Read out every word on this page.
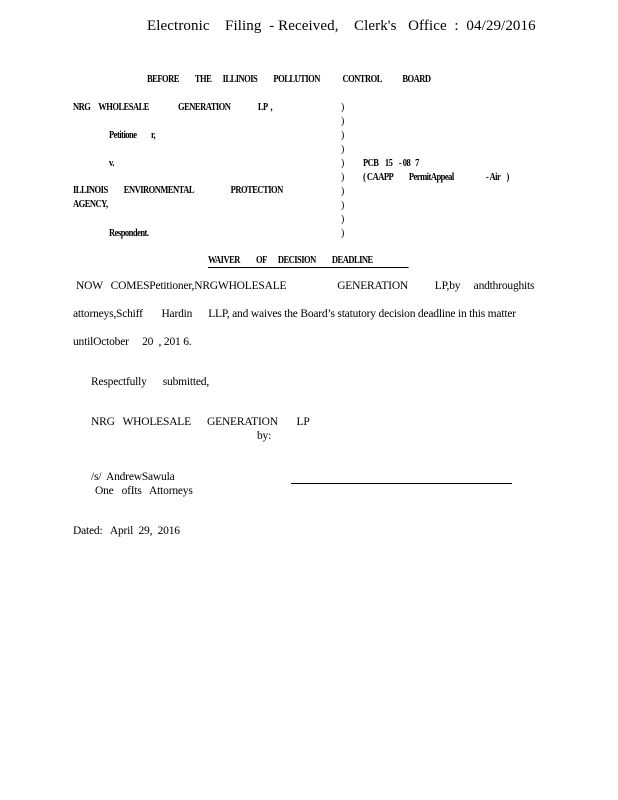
Electronic    Filing  - Received,    Clerk's   Office  :  04/29/2016
BEFORE          THE       ILLINOIS          POLLUTION              CONTROL             BOARD
NRG     WHOLESALE                  GENERATION                 LP  ,
Petitione         r,
v.
ILLINOIS          ENVIRONMENTAL                       PROTECTION
AGENCY,
Respondent.
)
)
)
)
)
)
)
)
)
)
PCB    15    - 08   7
( CAAPP          PermitAppeal                    - Air    )
WAIVER          OF       DECISION          DEADLINE
NOW   COMESPetitioner,NRGWHOLESALE                   GENERATION          LP,by     andthroughits
attorneys,Schiff       Hardin      LLP, and waives the Board’s statutory decision deadline in this matter
untilOctober     20  , 201 6.
Respectfully      submitted,
NRG   WHOLESALE      GENERATION       LP
by:
/s/  AndrewSawula
One   ofIts   Attorneys
Dated:   April  29,  2016
